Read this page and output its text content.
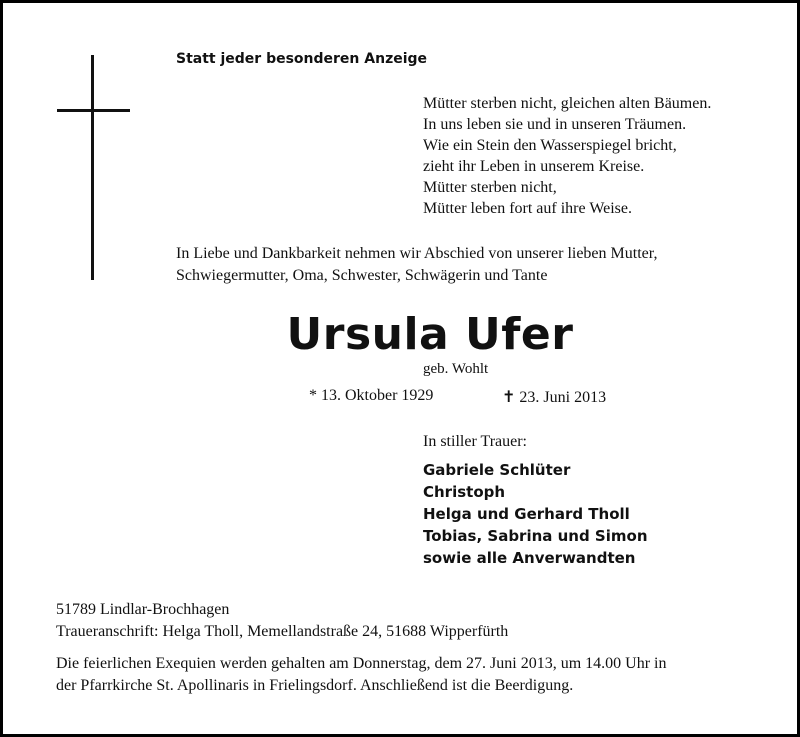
Statt jeder besonderen Anzeige
Mütter sterben nicht, gleichen alten Bäumen.
In uns leben sie und in unseren Träumen.
Wie ein Stein den Wasserspiegel bricht,
zieht ihr Leben in unserem Kreise.
Mütter sterben nicht,
Mütter leben fort auf ihre Weise.
In Liebe und Dankbarkeit nehmen wir Abschied von unserer lieben Mutter,
Schwiegermutter, Oma, Schwester, Schwägerin und Tante
Ursula Ufer
geb. Wohlt
* 13. Oktober 1929	✝ 23. Juni 2013
In stiller Trauer:
Gabriele Schlüter
Christoph
Helga und Gerhard Tholl
Tobias, Sabrina und Simon
sowie alle Anverwandten
51789 Lindlar-Brochhagen
Traueranschrift: Helga Tholl, Memellandstraße 24, 51688 Wipperfürth
Die feierlichen Exequien werden gehalten am Donnerstag, dem 27. Juni 2013, um 14.00 Uhr in
der Pfarrkirche St. Apollinaris in Frielingsdorf. Anschließend ist die Beerdigung.
